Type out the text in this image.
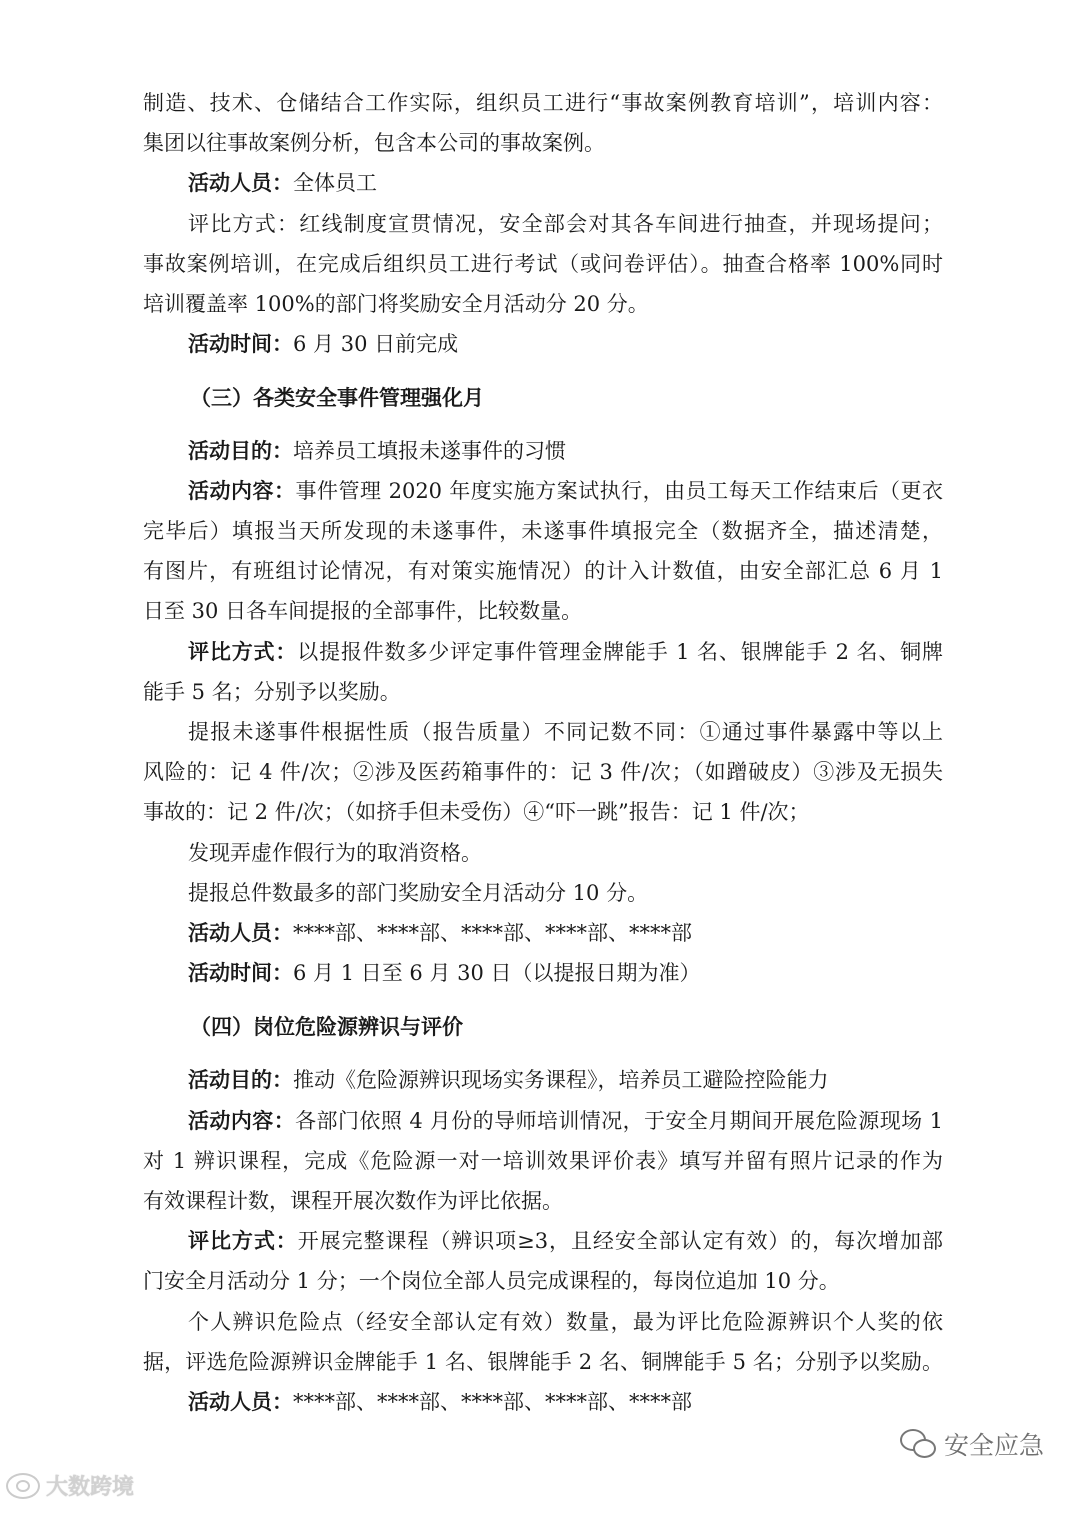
制造、技术、仓储结合工作实际，组织员工进行“事故案例教育培训”，培训内容：
集团以往事故案例分析，包含本公司的事故案例。
活动人员：全体员工
评比方式：红线制度宣贯情况，安全部会对其各车间进行抽查，并现场提问；
事故案例培训，在完成后组织员工进行考试（或问卷评估）。抽查合格率 100%同时
培训覆盖率 100%的部门将奖励安全月活动分 20 分。
活动时间：6 月 30 日前完成
（三）各类安全事件管理强化月
活动目的：培养员工填报未遂事件的习惯
活动内容：事件管理 2020 年度实施方案试执行，由员工每天工作结束后（更衣
完毕后）填报当天所发现的未遂事件，未遂事件填报完全（数据齐全，描述清楚，
有图片，有班组讨论情况，有对策实施情况）的计入计数值，由安全部汇总 6 月 1
日至 30 日各车间提报的全部事件，比较数量。
评比方式：以提报件数多少评定事件管理金牌能手 1 名、银牌能手 2 名、铜牌
能手 5 名；分别予以奖励。
提报未遂事件根据性质（报告质量）不同记数不同：①通过事件暴露中等以上
风险的：记 4 件/次；②涉及医药箱事件的：记 3 件/次；（如蹭破皮）③涉及无损失
事故的：记 2 件/次；（如挤手但未受伤）④“吓一跳”报告：记 1 件/次；
发现弄虚作假行为的取消资格。
提报总件数最多的部门奖励安全月活动分 10 分。
活动人员：****部、****部、****部、****部、****部
活动时间：6 月 1 日至 6 月 30 日（以提报日期为准）
（四）岗位危险源辨识与评价
活动目的：推动《危险源辨识现场实务课程》，培养员工避险控险能力
活动内容：各部门依照 4 月份的导师培训情况，于安全月期间开展危险源现场 1
对 1 辨识课程，完成《危险源一对一培训效果评价表》填写并留有照片记录的作为
有效课程计数，课程开展次数作为评比依据。
评比方式：开展完整课程（辨识项≥3，且经安全部认定有效）的，每次增加部
门安全月活动分 1 分；一个岗位全部人员完成课程的，每岗位追加 10 分。
个人辨识危险点（经安全部认定有效）数量，最为评比危险源辨识个人奖的依
据，评选危险源辨识金牌能手 1 名、银牌能手 2 名、铜牌能手 5 名；分别予以奖励。
活动人员：****部、****部、****部、****部、****部
安全应急
大数跨境
